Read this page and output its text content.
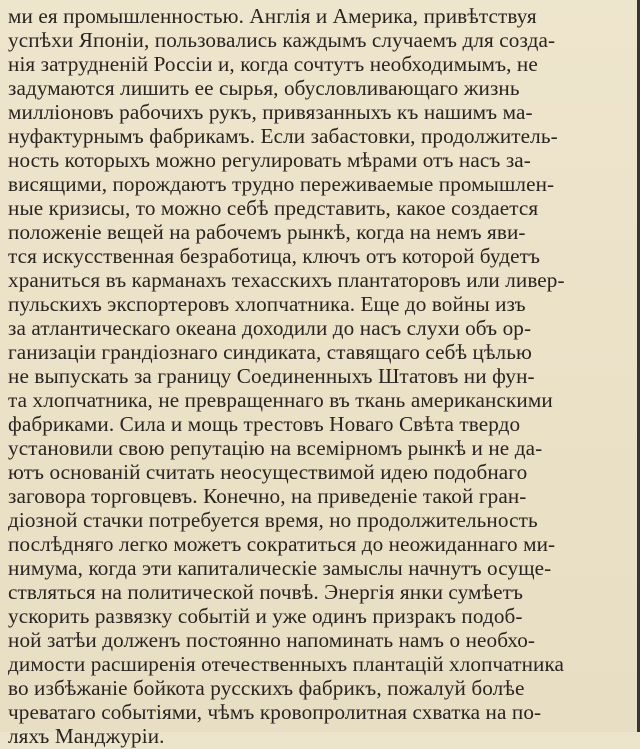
ми ея промышленностью. Англія и Америка, привѣтствуя
успѣхи Японіи, пользовались каждымъ случаемъ для созда-
нія затрудненій Россіи и, когда сочтутъ необходимымъ, не
задумаются лишить ее сырья, обусловливающаго жизнь
милліоновъ рабочихъ рукъ, привязанныхъ къ нашимъ ма-
нуфактурнымъ фабрикамъ. Если забастовки, продолжитель-
ность которыхъ можно регулировать мѣрами отъ насъ за-
висящими, порождаютъ трудно переживаемые промышлен-
ные кризисы, то можно себѣ представить, какое создается
положеніе вещей на рабочемъ рынкѣ, когда на немъ яви-
тся искусственная безработица, ключъ отъ которой будетъ
храниться въ карманахъ техасскихъ плантаторовъ или ливер-
пульскихъ экспортеровъ хлопчатника. Еще до войны изъ
за атлантическаго океана доходили до насъ слухи объ ор-
ганизаціи грандіознаго синдиката, ставящаго себѣ цѣлью
не выпускать за границу Соединенныхъ Штатовъ ни фун-
та хлопчатника, не превращеннаго въ ткань американскими
фабриками. Сила и мощь трестовъ Новаго Свѣта твердо
установили свою репутацію на всемірномъ рынкѣ и не да-
ютъ основаній считать неосуществимой идею подобнаго
заговора торговцевъ. Конечно, на приведеніе такой гран-
діозной стачки потребуется время, но продолжительность
послѣдняго легко можетъ сократиться до неожиданнаго ми-
нимума, когда эти капиталическіе замыслы начнутъ осуще-
ствляться на политической почвѣ. Энергія янки сумѣетъ
ускорить развязку событій и уже одинъ призракъ подоб-
ной затѣи долженъ постоянно напоминать намъ о необхо-
димости расширенія отечественныхъ плантацій хлопчатника
во избѣжаніе бойкота русскихъ фабрикъ, пожалуй болѣе
чреватаго событіями, чѣмъ кровопролитная схватка на по-
ляхъ Манджуріи.
